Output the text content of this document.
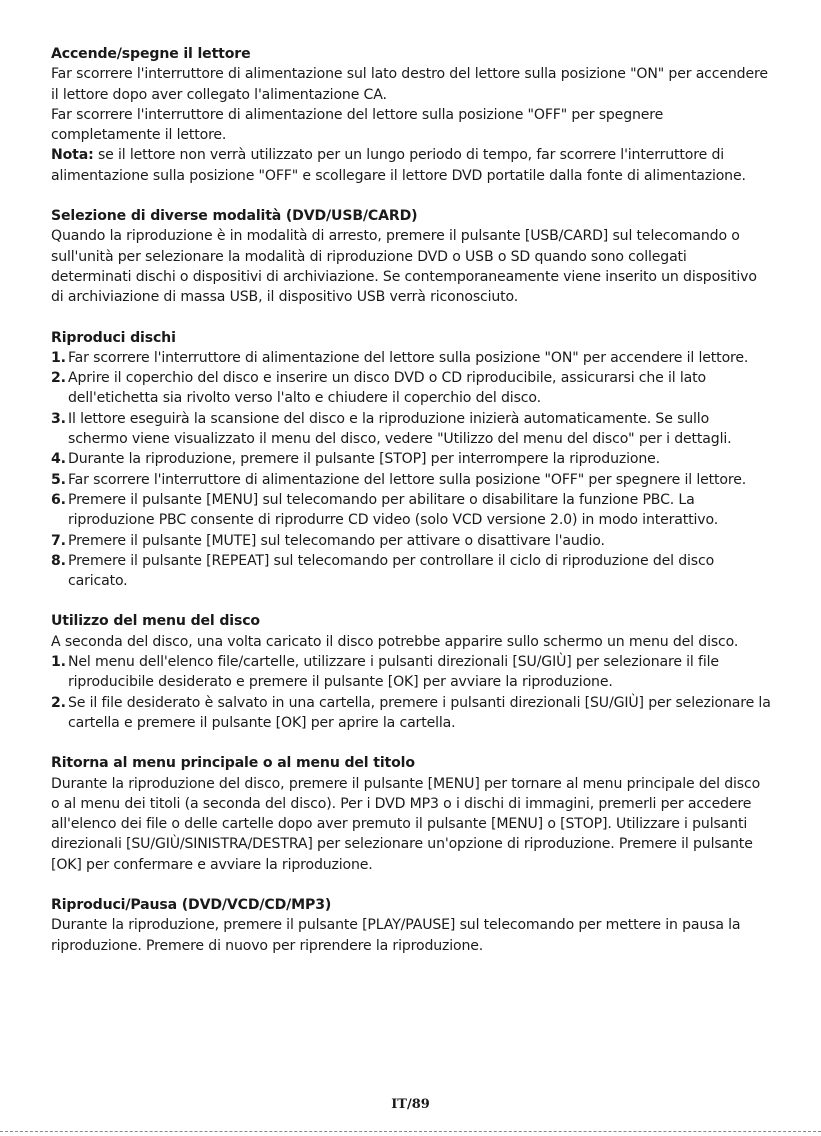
Accende/spegne il lettore

Far scorrere l'interruttore di alimentazione sul lato destro del lettore sulla posizione "ON" per accendere il lettore dopo aver collegato l'alimentazione CA.

Far scorrere l'interruttore di alimentazione del lettore sulla posizione "OFF" per spegnere completamente il lettore.

Nota: se il lettore non verrà utilizzato per un lungo periodo di tempo, far scorrere l'interruttore di alimentazione sulla posizione "OFF" e scollegare il lettore DVD portatile dalla fonte di alimentazione.

Selezione di diverse modalità (DVD/USB/CARD)

Quando la riproduzione è in modalità di arresto, premere il pulsante [USB/CARD] sul telecomando o sull'unità per selezionare la modalità di riproduzione DVD o USB o SD quando sono collegati determinati dischi o dispositivi di archiviazione. Se contemporaneamente viene inserito un dispositivo di archiviazione di massa USB, il dispositivo USB verrà riconosciuto.

Riproduci dischi

1. Far scorrere l'interruttore di alimentazione del lettore sulla posizione "ON" per accendere il lettore.
2. Aprire il coperchio del disco e inserire un disco DVD o CD riproducibile, assicurarsi che il lato dell'etichetta sia rivolto verso l'alto e chiudere il coperchio del disco.
3. Il lettore eseguirà la scansione del disco e la riproduzione inizierà automaticamente. Se sullo schermo viene visualizzato il menu del disco, vedere "Utilizzo del menu del disco" per i dettagli.
4. Durante la riproduzione, premere il pulsante [STOP] per interrompere la riproduzione.
5. Far scorrere l'interruttore di alimentazione del lettore sulla posizione "OFF" per spegnere il lettore.
6. Premere il pulsante [MENU] sul telecomando per abilitare o disabilitare la funzione PBC. La riproduzione PBC consente di riprodurre CD video (solo VCD versione 2.0) in modo interattivo.
7. Premere il pulsante [MUTE] sul telecomando per attivare o disattivare l'audio.
8. Premere il pulsante [REPEAT] sul telecomando per controllare il ciclo di riproduzione del disco caricato.

Utilizzo del menu del disco

A seconda del disco, una volta caricato il disco potrebbe apparire sullo schermo un menu del disco.

1. Nel menu dell'elenco file/cartelle, utilizzare i pulsanti direzionali [SU/GIÙ] per selezionare il file riproducibile desiderato e premere il pulsante [OK] per avviare la riproduzione.
2. Se il file desiderato è salvato in una cartella, premere i pulsanti direzionali [SU/GIÙ] per selezionare la cartella e premere il pulsante [OK] per aprire la cartella.

Ritorna al menu principale o al menu del titolo

Durante la riproduzione del disco, premere il pulsante [MENU] per tornare al menu principale del disco o al menu dei titoli (a seconda del disco). Per i DVD MP3 o i dischi di immagini, premerli per accedere all'elenco dei file o delle cartelle dopo aver premuto il pulsante [MENU] o [STOP]. Utilizzare i pulsanti direzionali [SU/GIÙ/SINISTRA/DESTRA] per selezionare un'opzione di riproduzione. Premere il pulsante [OK] per confermare e avviare la riproduzione.

Riproduci/Pausa (DVD/VCD/CD/MP3)

Durante la riproduzione, premere il pulsante [PLAY/PAUSE] sul telecomando per mettere in pausa la riproduzione. Premere di nuovo per riprendere la riproduzione.

IT/89
